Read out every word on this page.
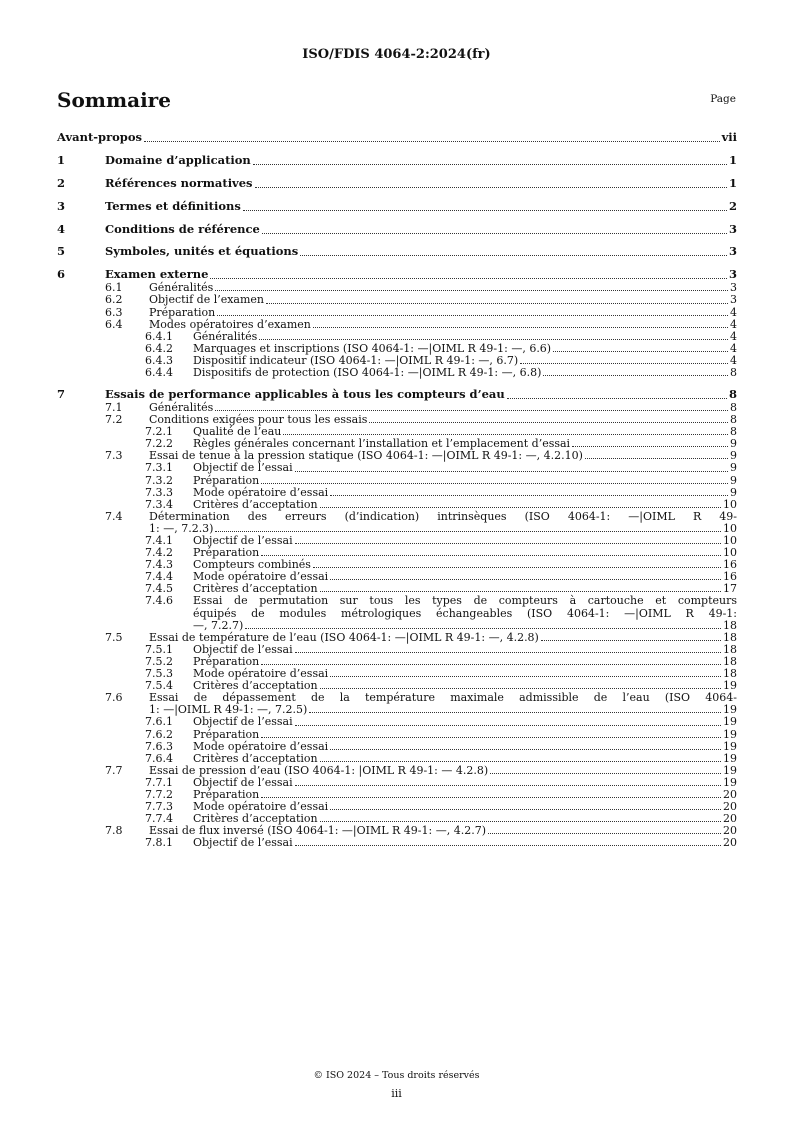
ISO/FDIS 4064-2:2024(fr)
Sommaire	Page
Avant-propos	vii
1	Domaine d’application	1
2	Références normatives	1
3	Termes et définitions	2
4	Conditions de référence	3
5	Symboles, unités et équations	3
6	Examen externe	3
6.1 Généralités	3
6.2 Objectif de l’examen	3
6.3 Préparation	4
6.4 Modes opératoires d’examen	4
6.4.1 Généralités	4
6.4.2 Marquages et inscriptions (ISO 4064-1: —|OIML R 49-1: —, 6.6)	4
6.4.3 Dispositif indicateur (ISO 4064-1: —|OIML R 49-1: —, 6.7)	4
6.4.4 Dispositifs de protection (ISO 4064-1: —|OIML R 49-1: —, 6.8)	8
7	Essais de performance applicables à tous les compteurs d’eau	8
7.1 Généralités	8
7.2 Conditions exigées pour tous les essais	8
7.2.1 Qualité de l’eau	8
7.2.2 Règles générales concernant l’installation et l’emplacement d’essai	9
7.3 Essai de tenue à la pression statique (ISO 4064-1: —|OIML R 49-1: —, 4.2.10)	9
7.3.1 Objectif de l’essai	9
7.3.2 Préparation	9
7.3.3 Mode opératoire d’essai	9
7.3.4 Critères d’acceptation	10
7.4 Détermination des erreurs (d’indication) intrinsèques (ISO 4064-1: —|OIML R 49-
1: —, 7.2.3)	10
7.4.1 Objectif de l’essai	10
7.4.2 Préparation	10
7.4.3 Compteurs combinés	16
7.4.4 Mode opératoire d’essai	16
7.4.5 Critères d’acceptation	17
7.4.6 Essai de permutation sur tous les types de compteurs à cartouche et compteurs
équipés de modules métrologiques échangeables (ISO 4064-1: —|OIML R 49-1:
—, 7.2.7)	18
7.5 Essai de température de l’eau (ISO 4064-1: —|OIML R 49-1: —, 4.2.8)	18
7.5.1 Objectif de l’essai	18
7.5.2 Préparation	18
7.5.3 Mode opératoire d’essai	18
7.5.4 Critères d’acceptation	19
7.6 Essai de dépassement de la température maximale admissible de l’eau (ISO 4064-
1: —|OIML R 49-1: —, 7.2.5)	19
7.6.1 Objectif de l’essai	19
7.6.2 Préparation	19
7.6.3 Mode opératoire d’essai	19
7.6.4 Critères d’acceptation	19
7.7 Essai de pression d’eau (ISO 4064-1: |OIML R 49-1: — 4.2.8)	19
7.7.1 Objectif de l’essai	19
7.7.2 Préparation	20
7.7.3 Mode opératoire d’essai	20
7.7.4 Critères d’acceptation	20
7.8 Essai de flux inversé (ISO 4064-1: —|OIML R 49-1: —, 4.2.7)	20
7.8.1 Objectif de l’essai	20
© ISO 2024 – Tous droits réservés
iii
